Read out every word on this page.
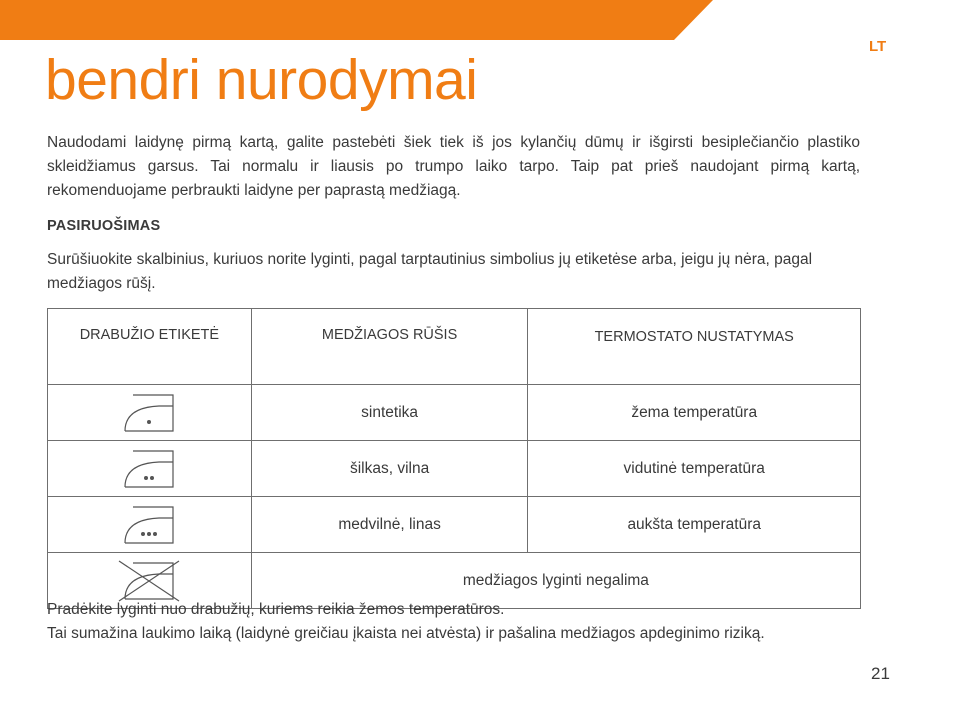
LT
bendri nurodymai

Naudodami laidynę pirmą kartą, galite pastebėti šiek tiek iš jos kylančių dūmų ir išgirsti besiplečiančio plastiko skleidžiamus garsus. Tai normalu ir liausis po trumpo laiko tarpo. Taip pat prieš naudojant pirmą kartą, rekomenduojame perbraukti laidyne per paprastą medžiagą.

PASIRUOŠIMAS

Surūšiuokite skalbinius, kuriuos norite lyginti, pagal tarptautinius simbolius jų etiketėse arba, jeigu jų nėra, pagal medžiagos rūšį.

DRABUŽIO ETIKETĖ	MEDŽIAGOS RŪŠIS	TERMOSTATO NUSTATYMAS

	sintetika	žema temperatūra

	šilkas, vilna	vidutinė temperatūra

	medvilnė, linas	aukšta temperatūra

	medžiagos lyginti negalima	

Pradėkite lyginti nuo drabužių, kuriems reikia žemos temperatūros.

Tai sumažina laukimo laiką (laidynė greičiau įkaista nei atvėsta) ir pašalina medžiagos apdeginimo riziką.

21
